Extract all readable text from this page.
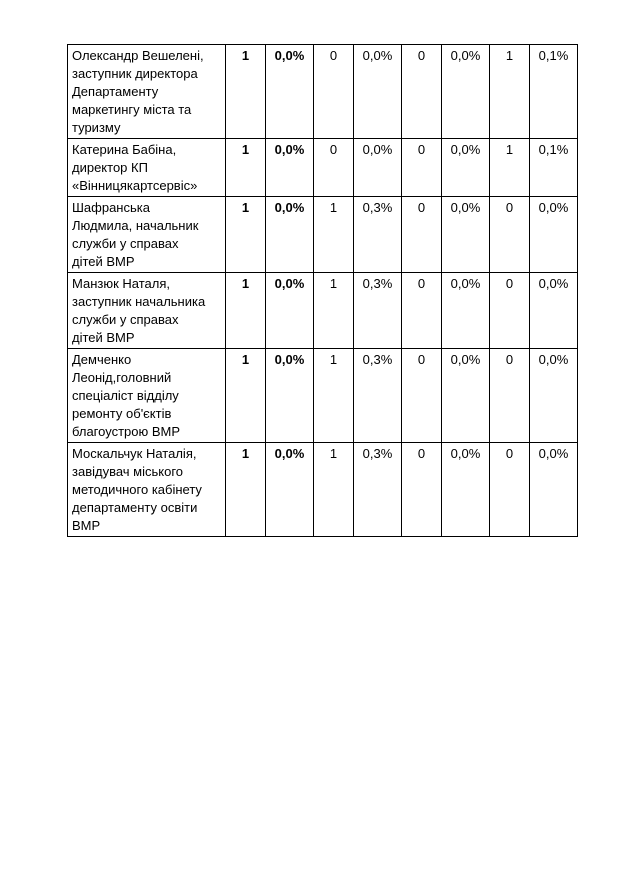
Олександр Вешелені,
заступник директора
Департаменту
маркетингу міста та
туризму	1	0,0%	0	0,0%	0	0,0%	1	0,1%
Катерина Бабіна,
директор КП
«Вінницякартсервіс»	1	0,0%	0	0,0%	0	0,0%	1	0,1%
Шафранська
Людмила, начальник
служби у справах
дітей ВМР	1	0,0%	1	0,3%	0	0,0%	0	0,0%
Манзюк Наталя,
заступник начальника
служби у справах
дітей ВМР	1	0,0%	1	0,3%	0	0,0%	0	0,0%
Демченко
Леонід,головний
спеціаліст відділу
ремонту об'єктів
благоустрою ВМР	1	0,0%	1	0,3%	0	0,0%	0	0,0%
Москальчук Наталія,
завідувач міського
методичного кабінету
департаменту освіти
ВМР	1	0,0%	1	0,3%	0	0,0%	0	0,0%
